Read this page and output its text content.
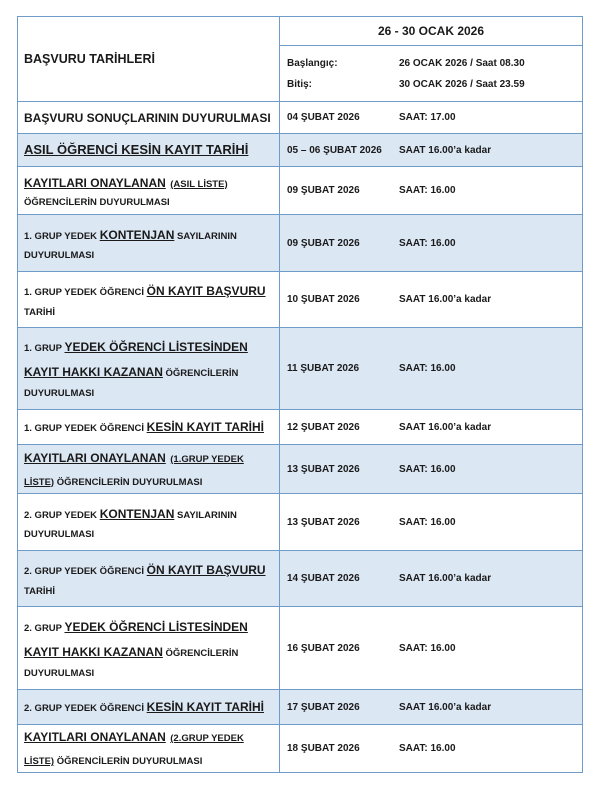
BAŞVURU TARİHLERİ	26 - 30 OCAK 2026

	Başlangıç: 26 OCAK 2026 / Saat 08.30
Bitiş: 30 OCAK 2026 / Saat 23.59

BAŞVURU SONUÇLARININ DUYURULMASI	04 ŞUBAT 2026 SAAT: 17.00

ASIL ÖĞRENCİ KESİN KAYIT TARİHİ	05 – 06 ŞUBAT 2026 SAAT 16.00’a kadar

KAYITLARI ONAYLANAN (ASIL LİSTE)
ÖĞRENCİLERİN DUYURULMASI	09 ŞUBAT 2026 SAAT: 16.00

1. GRUP YEDEK KONTENJAN SAYILARININ
DUYURULMASI	09 ŞUBAT 2026 SAAT: 16.00

1. GRUP YEDEK ÖĞRENCİ ÖN KAYIT BAŞVURU
TARİHİ	10 ŞUBAT 2026 SAAT 16.00’a kadar

1. GRUP YEDEK ÖĞRENCİ LİSTESİNDEN
KAYIT HAKKI KAZANAN ÖĞRENCİLERİN
DUYURULMASI	11 ŞUBAT 2026 SAAT: 16.00

1. GRUP YEDEK ÖĞRENCİ KESİN KAYIT TARİHİ	12 ŞUBAT 2026 SAAT 16.00’a kadar

KAYITLARI ONAYLANAN (1.GRUP YEDEK
LİSTE) ÖĞRENCİLERİN DUYURULMASI	13 ŞUBAT 2026 SAAT: 16.00

2. GRUP YEDEK KONTENJAN SAYILARININ
DUYURULMASI	13 ŞUBAT 2026 SAAT: 16.00

2. GRUP YEDEK ÖĞRENCİ ÖN KAYIT BAŞVURU
TARİHİ	14 ŞUBAT 2026 SAAT 16.00’a kadar

2. GRUP YEDEK ÖĞRENCİ LİSTESİNDEN
KAYIT HAKKI KAZANAN ÖĞRENCİLERİN
DUYURULMASI	16 ŞUBAT 2026 SAAT: 16.00

2. GRUP YEDEK ÖĞRENCİ KESİN KAYIT TARİHİ	17 ŞUBAT 2026 SAAT 16.00’a kadar

KAYITLARI ONAYLANAN (2.GRUP YEDEK
LİSTE) ÖĞRENCİLERİN DUYURULMASI	18 ŞUBAT 2026 SAAT: 16.00
